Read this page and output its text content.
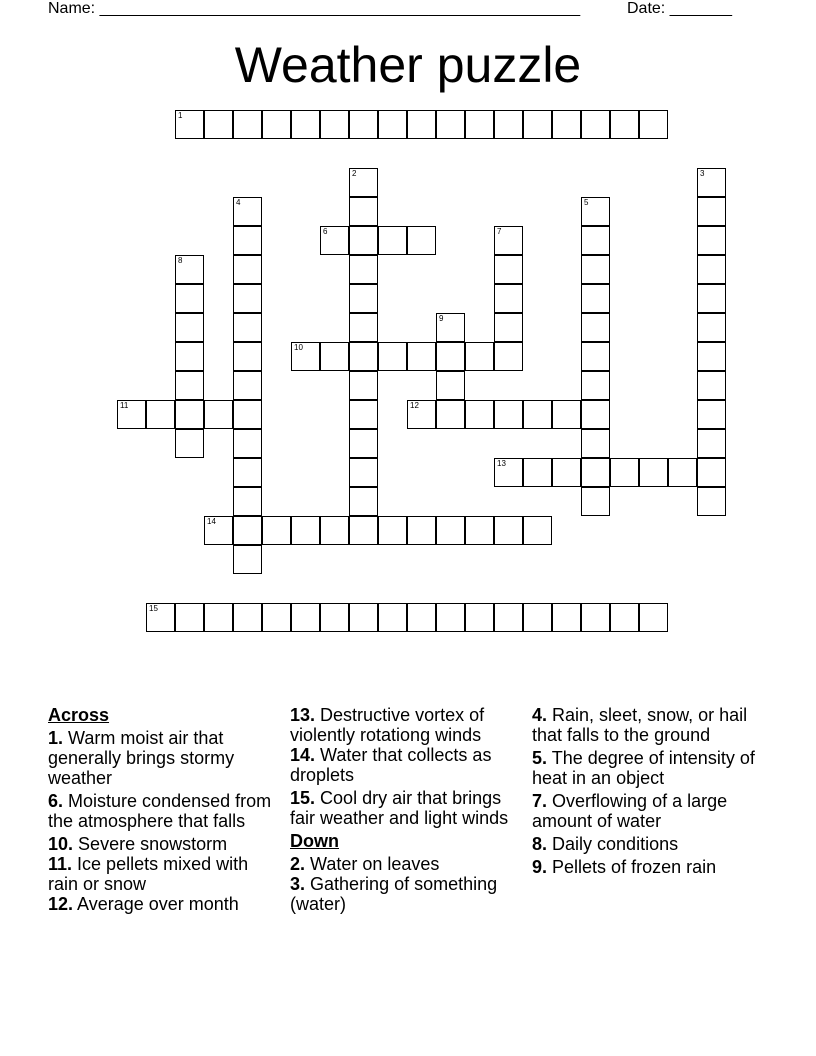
Name: ______________________________________________________	Date: _______
Weather puzzle
1
2	3
4	5
6	7
8
9
10
11	12
13
14
15
Across
1. Warm moist air that generally brings stormy weather
6. Moisture condensed from the atmosphere that falls
10. Severe snowstorm
11. Ice pellets mixed with rain or snow
12. Average over month
13. Destructive vortex of violently rotationg winds
14. Water that collects as droplets
15. Cool dry air that brings fair weather and light winds
Down
2. Water on leaves
3. Gathering of something (water)
4. Rain, sleet, snow, or hail that falls to the ground
5. The degree of intensity of heat in an object
7. Overflowing of a large amount of water
8. Daily conditions
9. Pellets of frozen rain
